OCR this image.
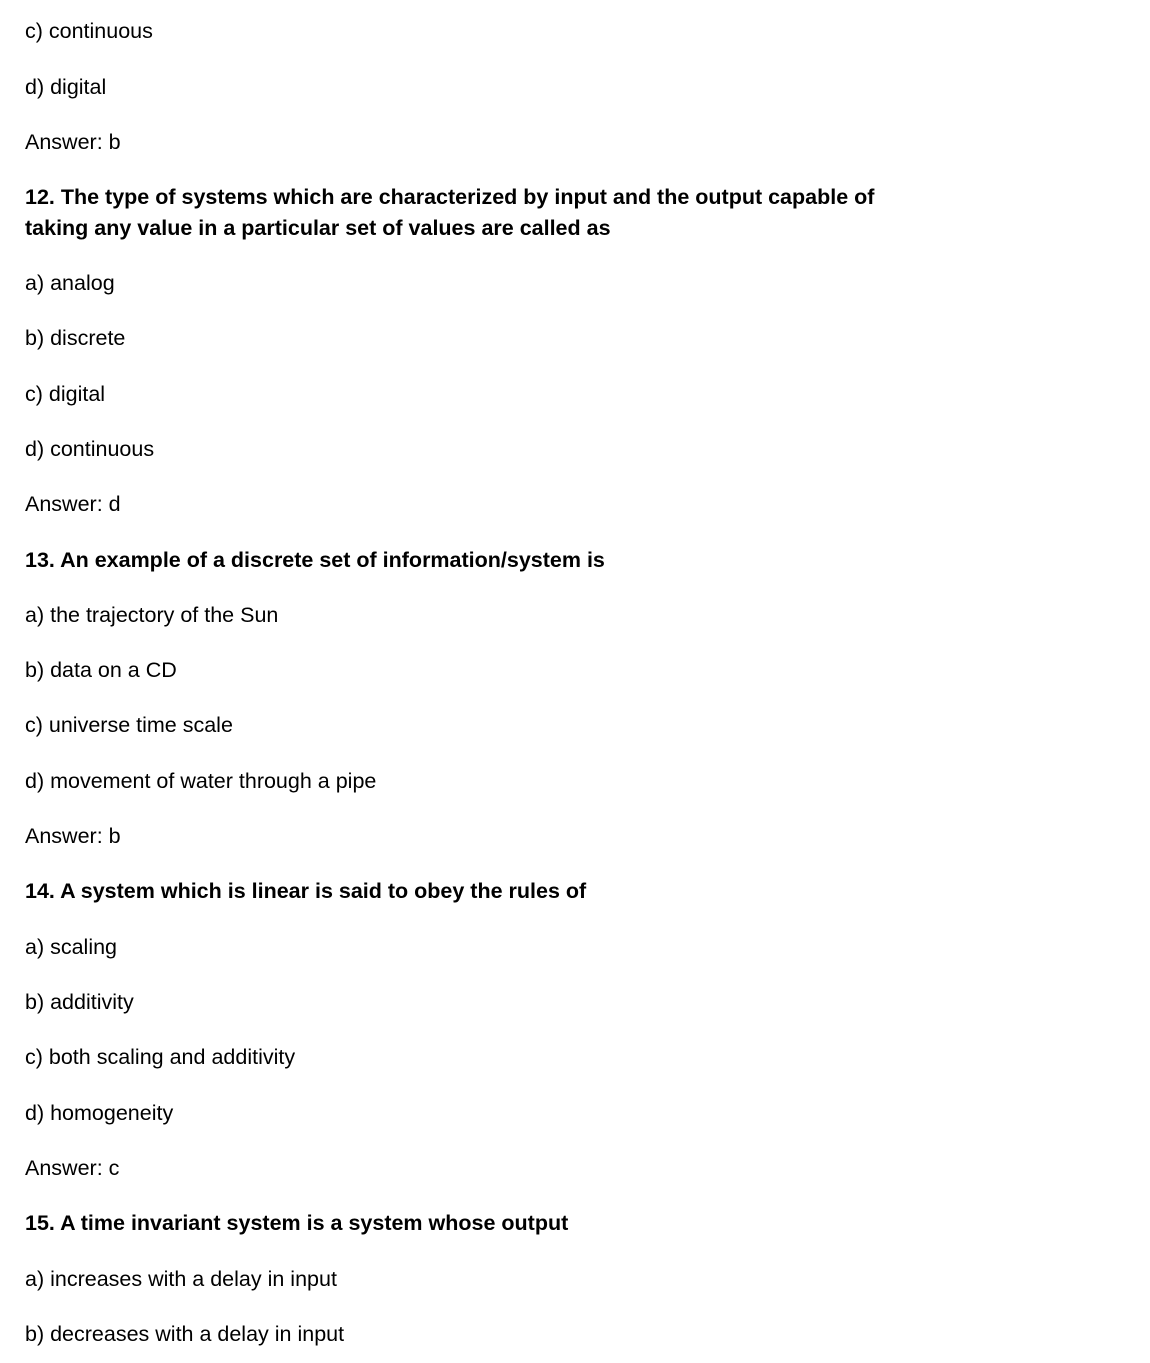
c) continuous
d) digital
Answer: b
12. The type of systems which are characterized by input and the output capable of
taking any value in a particular set of values are called as
a) analog
b) discrete
c) digital
d) continuous
Answer: d
13. An example of a discrete set of information/system is
a) the trajectory of the Sun
b) data on a CD
c) universe time scale
d) movement of water through a pipe
Answer: b
14. A system which is linear is said to obey the rules of
a) scaling
b) additivity
c) both scaling and additivity
d) homogeneity
Answer: c
15. A time invariant system is a system whose output
a) increases with a delay in input
b) decreases with a delay in input
